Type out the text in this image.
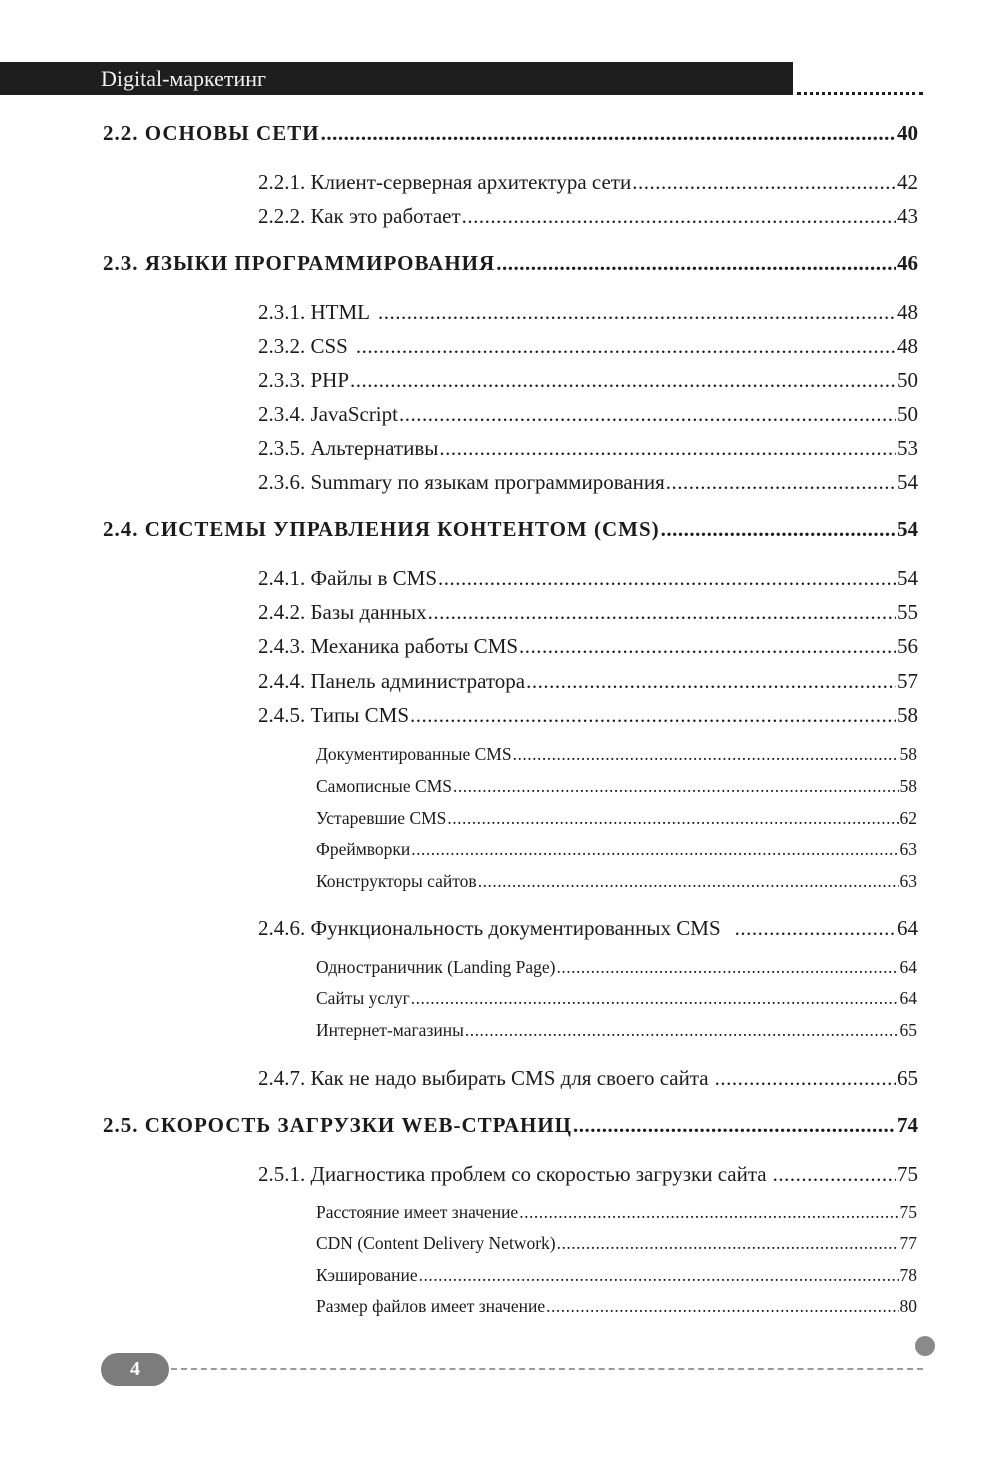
Digital-маркетинг
2.2. ОСНОВЫ СЕТИ .....	40
2.2.1. Клиент-серверная архитектура сети .....	42
2.2.2. Как это работает .....	43
2.3. ЯЗЫКИ ПРОГРАММИРОВАНИЯ .....	46
2.3.1. HTML .....	48
2.3.2. CSS .....	48
2.3.3. PHP .....	50
2.3.4. JavaScript .....	50
2.3.5. Альтернативы .....	53
2.3.6. Summary по языкам программирования .....	54
2.4. СИСТЕМЫ УПРАВЛЕНИЯ КОНТЕНТОМ (CMS) .....	54
2.4.1. Файлы в CMS .....	54
2.4.2. Базы данных .....	55
2.4.3. Механика работы CMS .....	56
2.4.4. Панель администратора .....	57
2.4.5. Типы CMS .....	58
Документированные CMS .....	58
Самописные CMS .....	58
Устаревшие CMS .....	62
Фреймворки .....	63
Конструкторы сайтов .....	63
2.4.6. Функциональность документированных CMS .....	64
Одностраничник (Landing Page) .....	64
Сайты услуг .....	64
Интернет-магазины .....	65
2.4.7. Как не надо выбирать CMS для своего сайта .....	65
2.5. СКОРОСТЬ ЗАГРУЗКИ WEB-СТРАНИЦ .....	74
2.5.1. Диагностика проблем со скоростью загрузки сайта .....	75
Расстояние имеет значение .....	75
CDN (Content Delivery Network) .....	77
Кэширование .....	78
Размер файлов имеет значение .....	80
4
